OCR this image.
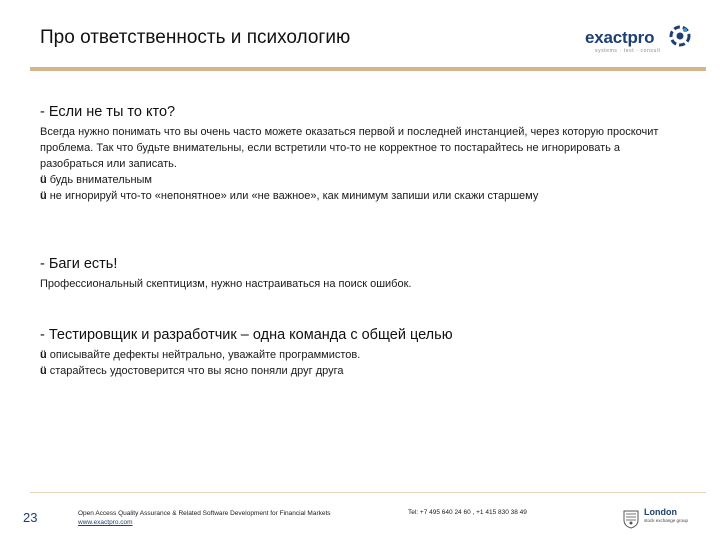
Про ответственность и психологию	exactpro
systems · test · consult
- Если не ты то кто?

Всегда нужно понимать что вы очень часто можете оказаться первой и последней инстанцией, через которую проскочит проблема. Так что будьте внимательны, если встретили что-то не корректное то постарайтесь не игнорировать а разобраться или записать.

ü будь внимательным

ü не игнорируй что-то «непонятное» или «не важное», как минимум запиши или скажи старшему

- Баги есть!

Профессиональный скептицизм, нужно настраиваться на поиск ошибок.

- Тестировщик и разработчик – одна команда с общей целью

ü описывайте дефекты нейтрально, уважайте программистов.

ü старайтесь удостоверится что вы ясно поняли друг друга

23	Open Access Quality Assurance & Related Software Development for Financial Markets
www.exactpro.com
Tel: +7 495 640 24 60 , +1 415 830 38 49	London
stock exchange group
